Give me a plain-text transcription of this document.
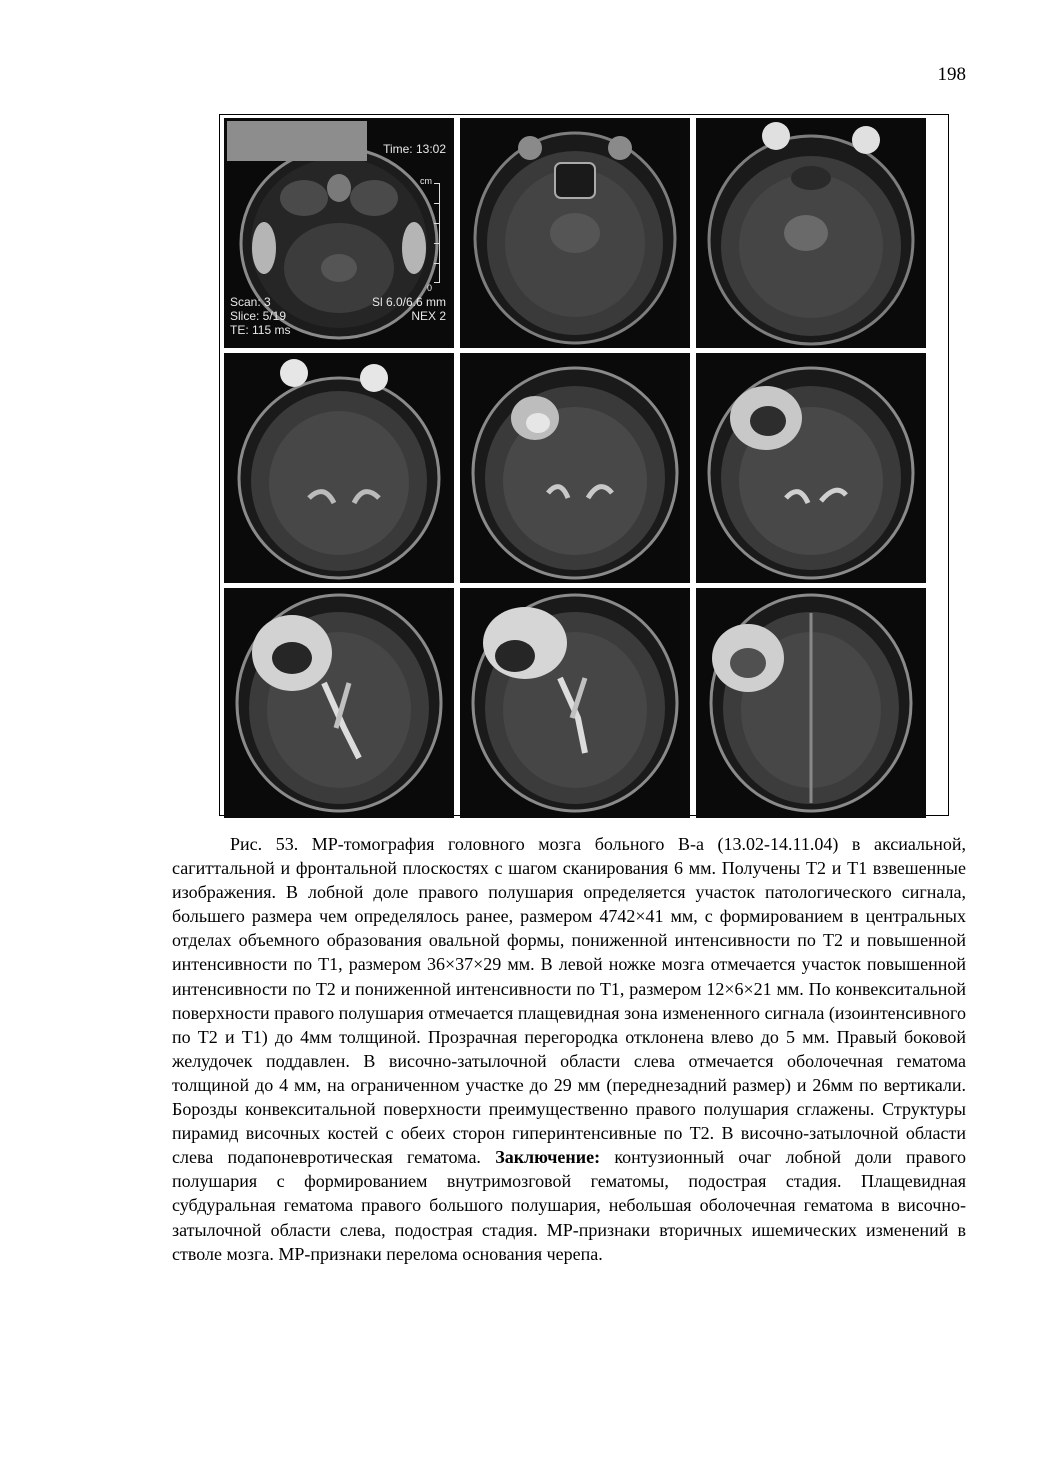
198
Time: 13:02
cm
0
Scan: 3
Slice: 5/19
TE: 115 ms
Sl 6.0/6.6 mm
NEX 2

Рис. 53. МР-томография головного мозга больного В-а (13.02-14.11.04) в аксиальной, сагиттальной и фронтальной плоскостях с шагом сканирования 6 мм. Получены Т2 и Т1 взвешенные изображения. В лобной доле правого полушария определяется участок патологического сигнала, большего размера чем определялось ранее, размером 4742×41 мм, с формированием в центральных отделах объемного образования овальной формы, пониженной интенсивности по Т2 и повышенной интенсивности по Т1, размером 36×37×29 мм. В левой ножке мозга отмечается участок повышенной интенсивности по Т2 и пониженной интенсивности по Т1, размером 12×6×21 мм. По конвекситальной поверхности правого полушария отмечается плащевидная зона измененного сигнала (изоинтенсивного по Т2 и Т1) до 4мм толщиной. Прозрачная перегородка отклонена влево до 5 мм. Правый боковой желудочек поддавлен. В височно-затылочной области слева отмечается оболочечная гематома толщиной до 4 мм, на ограниченном участке до 29 мм (переднезадний размер) и 26мм по вертикали. Борозды конвекситальной поверхности преимущественно правого полушария сглажены. Структуры пирамид височных костей с обеих сторон гиперинтенсивные по Т2. В височно-затылочной области слева подапоневротическая гематома. Заключение: контузионный очаг лобной доли правого полушария с формированием внутримозговой гематомы, подострая стадия. Плащевидная субдуральная гематома правого большого полушария, небольшая оболочечная гематома в височно-затылочной области слева, подострая стадия. МР-признаки вторичных ишемических изменений в стволе мозга. МР-признаки перелома основания черепа.
